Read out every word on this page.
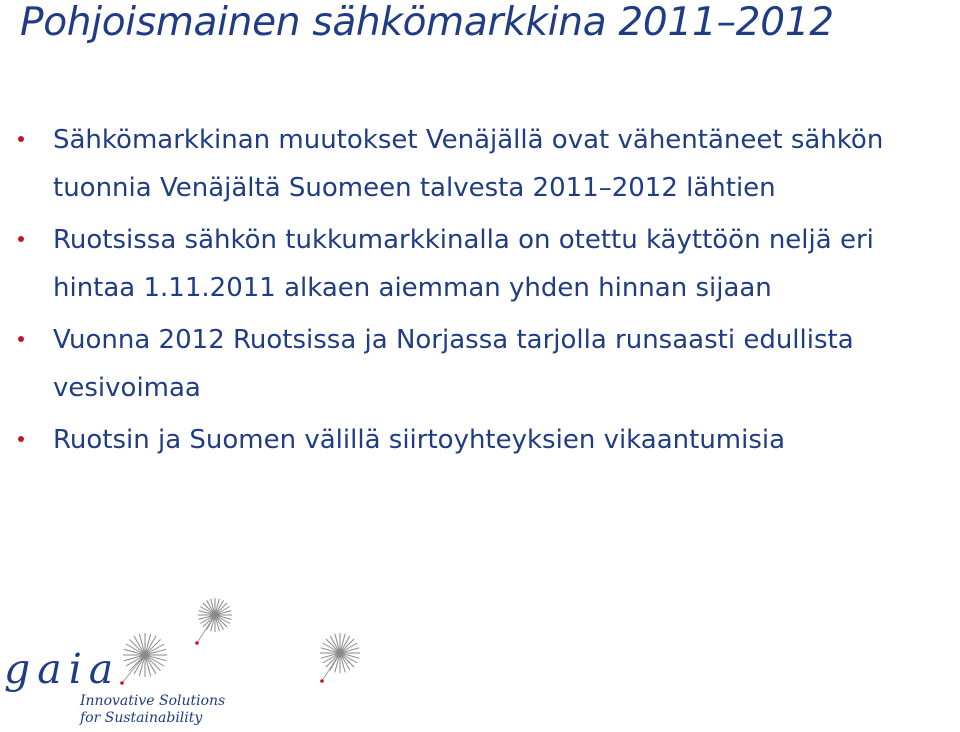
Pohjoismainen sähkömarkkina 2011–2012
Sähkömarkkinan muutokset Venäjällä ovat vähentäneet sähkön tuonnia Venäjältä Suomeen talvesta 2011–2012 lähtien
Ruotsissa sähkön tukkumarkkinalla on otettu käyttöön neljä eri hintaa 1.11.2011 alkaen aiemman yhden hinnan sijaan
Vuonna 2012 Ruotsissa ja Norjassa tarjolla runsaasti edullista vesivoimaa
Ruotsin ja Suomen välillä siirtoyhteyksien vikaantumisia
gaia
Innovative Solutions
for Sustainability
